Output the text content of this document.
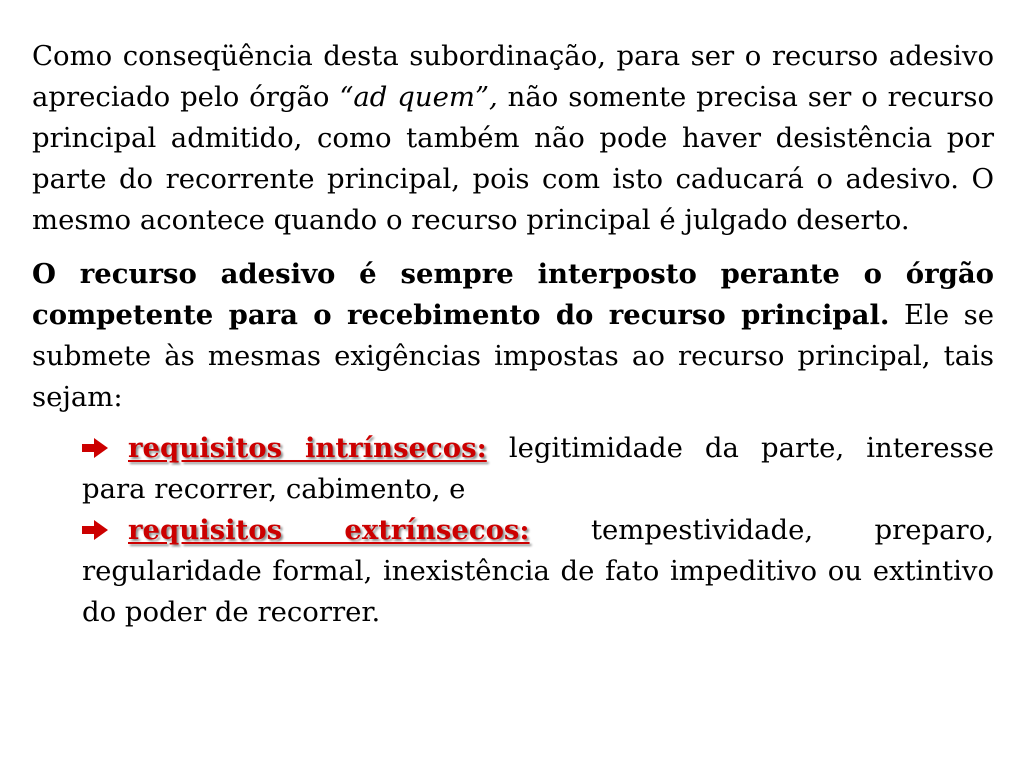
Como conseqüência desta subordinação, para ser o recurso adesivo apreciado pelo órgão “ad quem”, não somente precisa ser o recurso principal admitido, como também não pode haver desistência por parte do recorrente principal, pois com isto caducará o adesivo. O mesmo acontece quando o recurso principal é julgado deserto.

O recurso adesivo é sempre interposto perante o órgão competente para o recebimento do recurso principal. Ele se submete às mesmas exigências impostas ao recurso principal, tais sejam:

requisitos intrínsecos: legitimidade da parte, interesse para recorrer, cabimento, e

requisitos extrínsecos: tempestividade, preparo, regularidade formal, inexistência de fato impeditivo ou extintivo do poder de recorrer.
